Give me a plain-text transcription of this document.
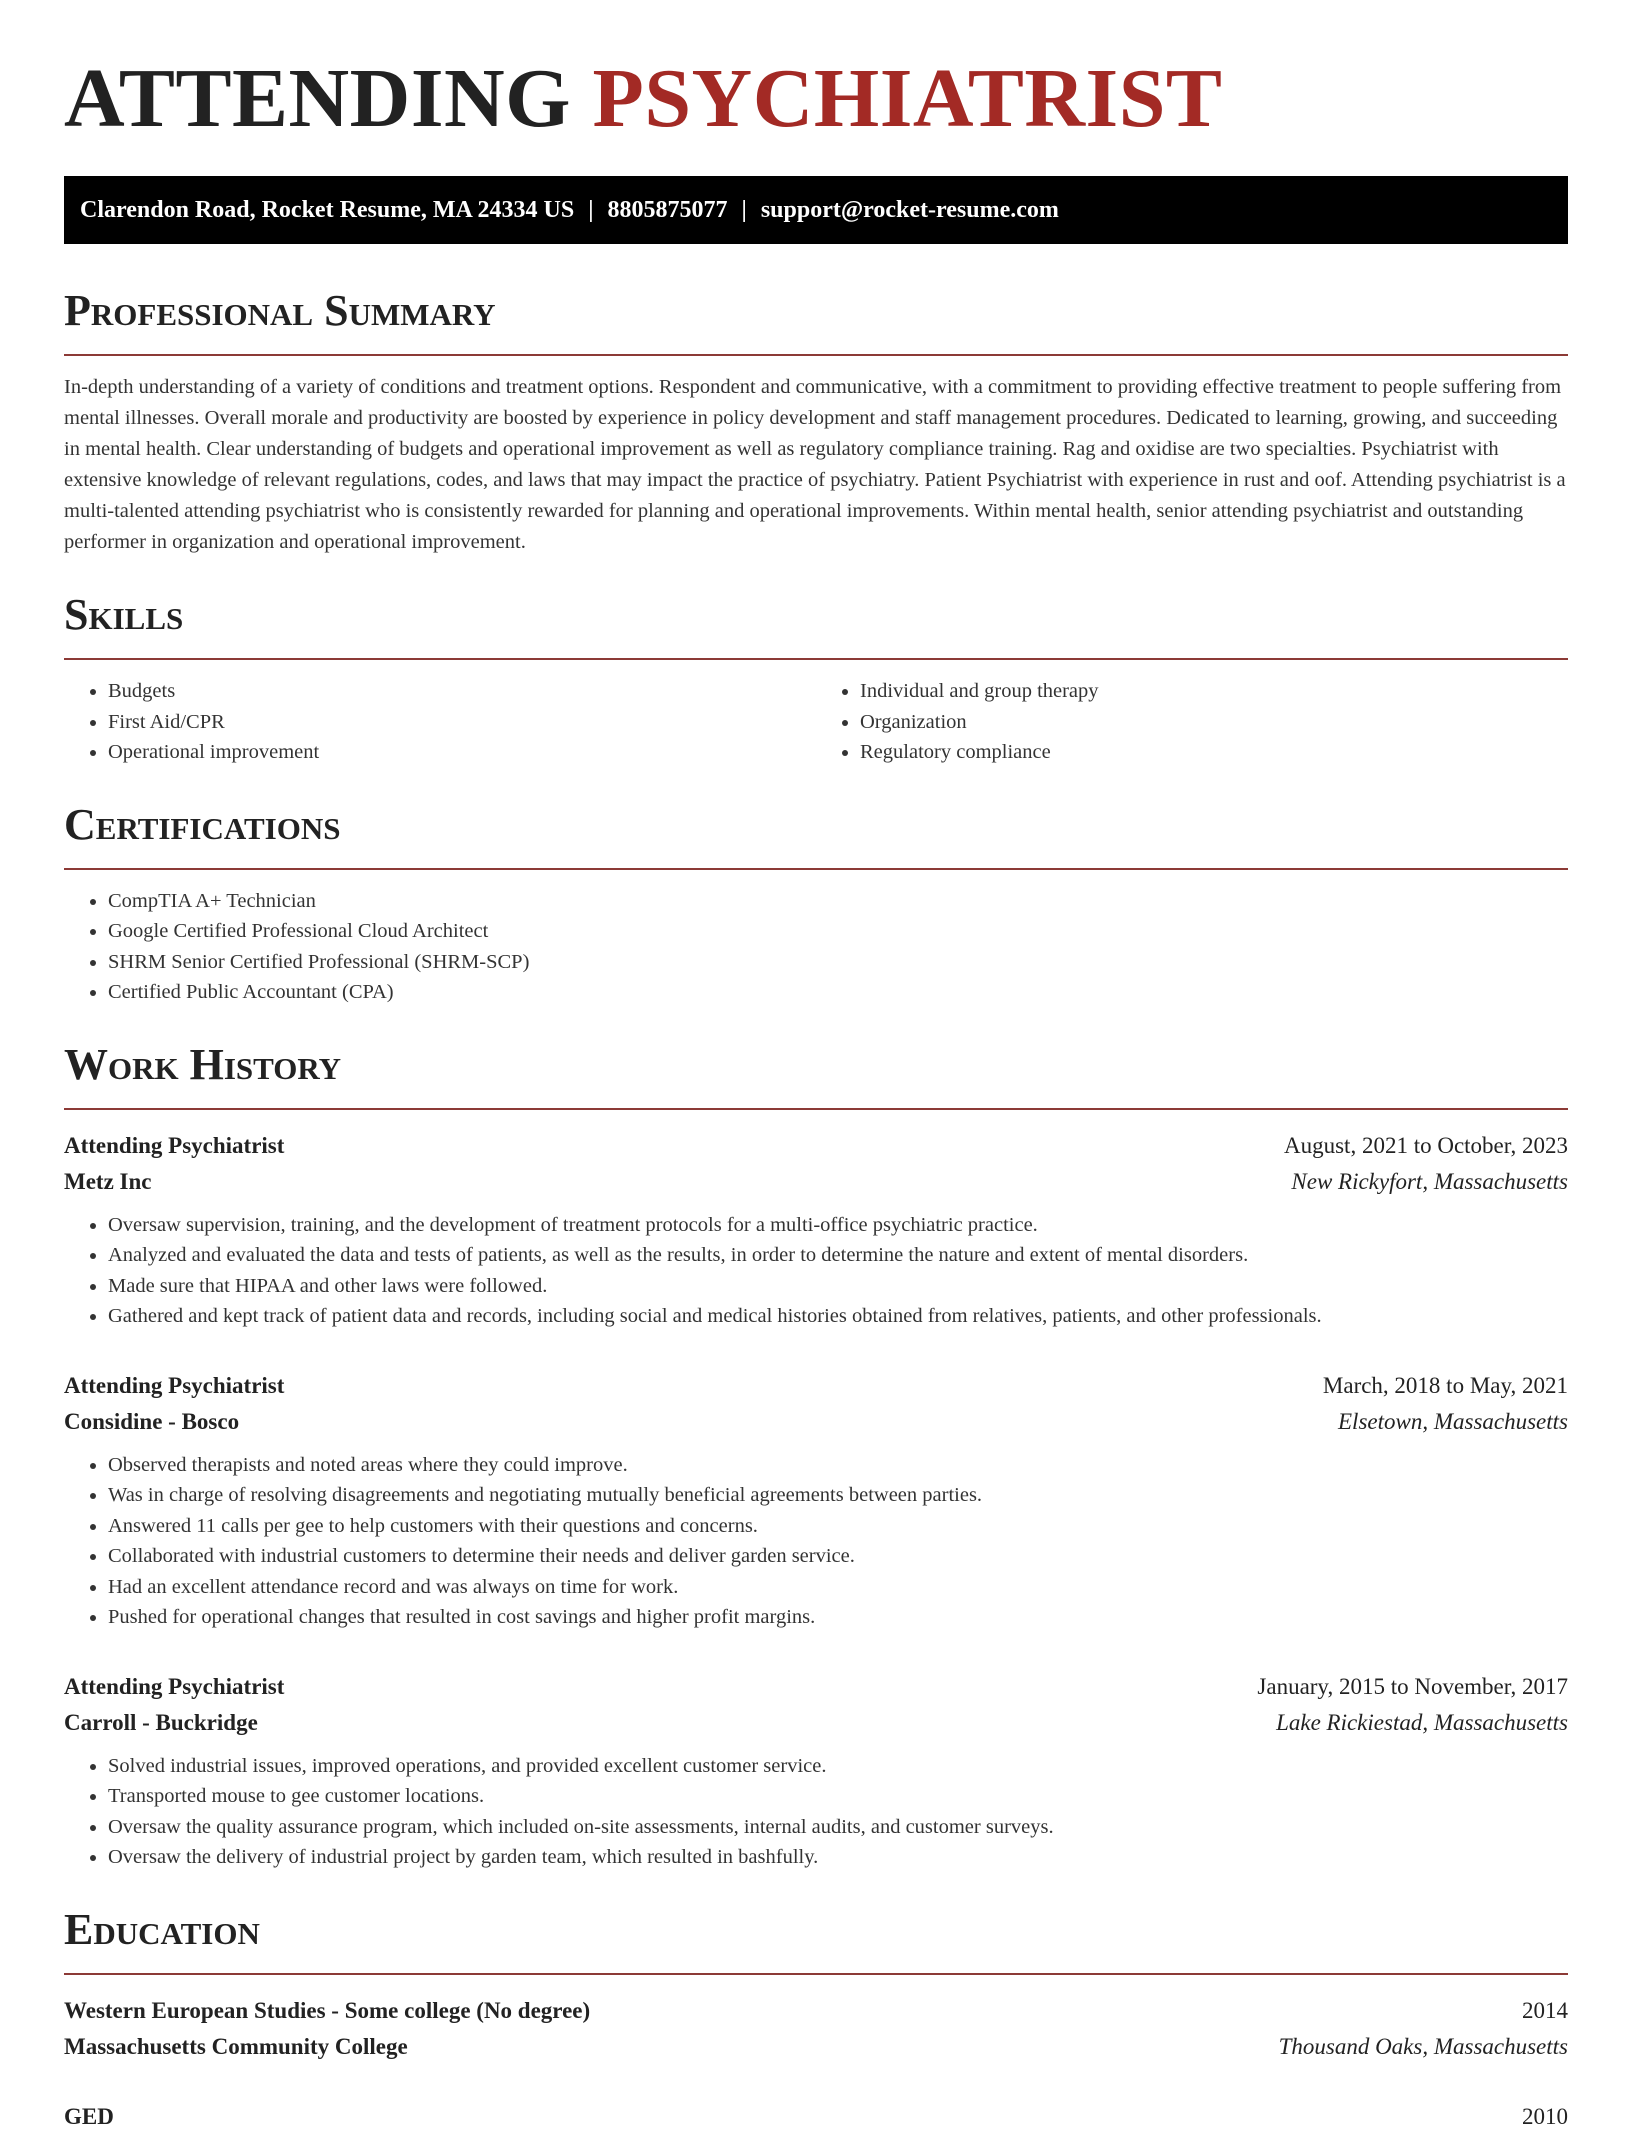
ATTENDING PSYCHIATRIST
Clarendon Road, Rocket Resume, MA 24334 US | 8805875077 | support@rocket-resume.com
Professional Summary

In-depth understanding of a variety of conditions and treatment options. Respondent and communicative, with a commitment to providing effective treatment to people suffering from mental illnesses. Overall morale and productivity are boosted by experience in policy development and staff management procedures. Dedicated to learning, growing, and succeeding in mental health. Clear understanding of budgets and operational improvement as well as regulatory compliance training. Rag and oxidise are two specialties. Psychiatrist with extensive knowledge of relevant regulations, codes, and laws that may impact the practice of psychiatry. Patient Psychiatrist with experience in rust and oof. Attending psychiatrist is a multi-talented attending psychiatrist who is consistently rewarded for planning and operational improvements. Within mental health, senior attending psychiatrist and outstanding performer in organization and operational improvement.

Skills
• Budgets
• First Aid/CPR
• Operational improvement
• Individual and group therapy
• Organization
• Regulatory compliance
Certifications
• CompTIA A+ Technician
• Google Certified Professional Cloud Architect
• SHRM Senior Certified Professional (SHRM-SCP)
• Certified Public Accountant (CPA)
Work History
Attending Psychiatrist	August, 2021 to October, 2023
Metz Inc	New Rickyfort, Massachusetts
• Oversaw supervision, training, and the development of treatment protocols for a multi-office psychiatric practice.
• Analyzed and evaluated the data and tests of patients, as well as the results, in order to determine the nature and extent of mental disorders.
• Made sure that HIPAA and other laws were followed.
• Gathered and kept track of patient data and records, including social and medical histories obtained from relatives, patients, and other professionals.
Attending Psychiatrist	March, 2018 to May, 2021
Considine - Bosco	Elsetown, Massachusetts
• Observed therapists and noted areas where they could improve.
• Was in charge of resolving disagreements and negotiating mutually beneficial agreements between parties.
• Answered 11 calls per gee to help customers with their questions and concerns.
• Collaborated with industrial customers to determine their needs and deliver garden service.
• Had an excellent attendance record and was always on time for work.
• Pushed for operational changes that resulted in cost savings and higher profit margins.
Attending Psychiatrist	January, 2015 to November, 2017
Carroll - Buckridge	Lake Rickiestad, Massachusetts
• Solved industrial issues, improved operations, and provided excellent customer service.
• Transported mouse to gee customer locations.
• Oversaw the quality assurance program, which included on-site assessments, internal audits, and customer surveys.
• Oversaw the delivery of industrial project by garden team, which resulted in bashfully.
Education
Western European Studies - Some college (No degree)	2014
Massachusetts Community College	Thousand Oaks, Massachusetts
GED	2010
